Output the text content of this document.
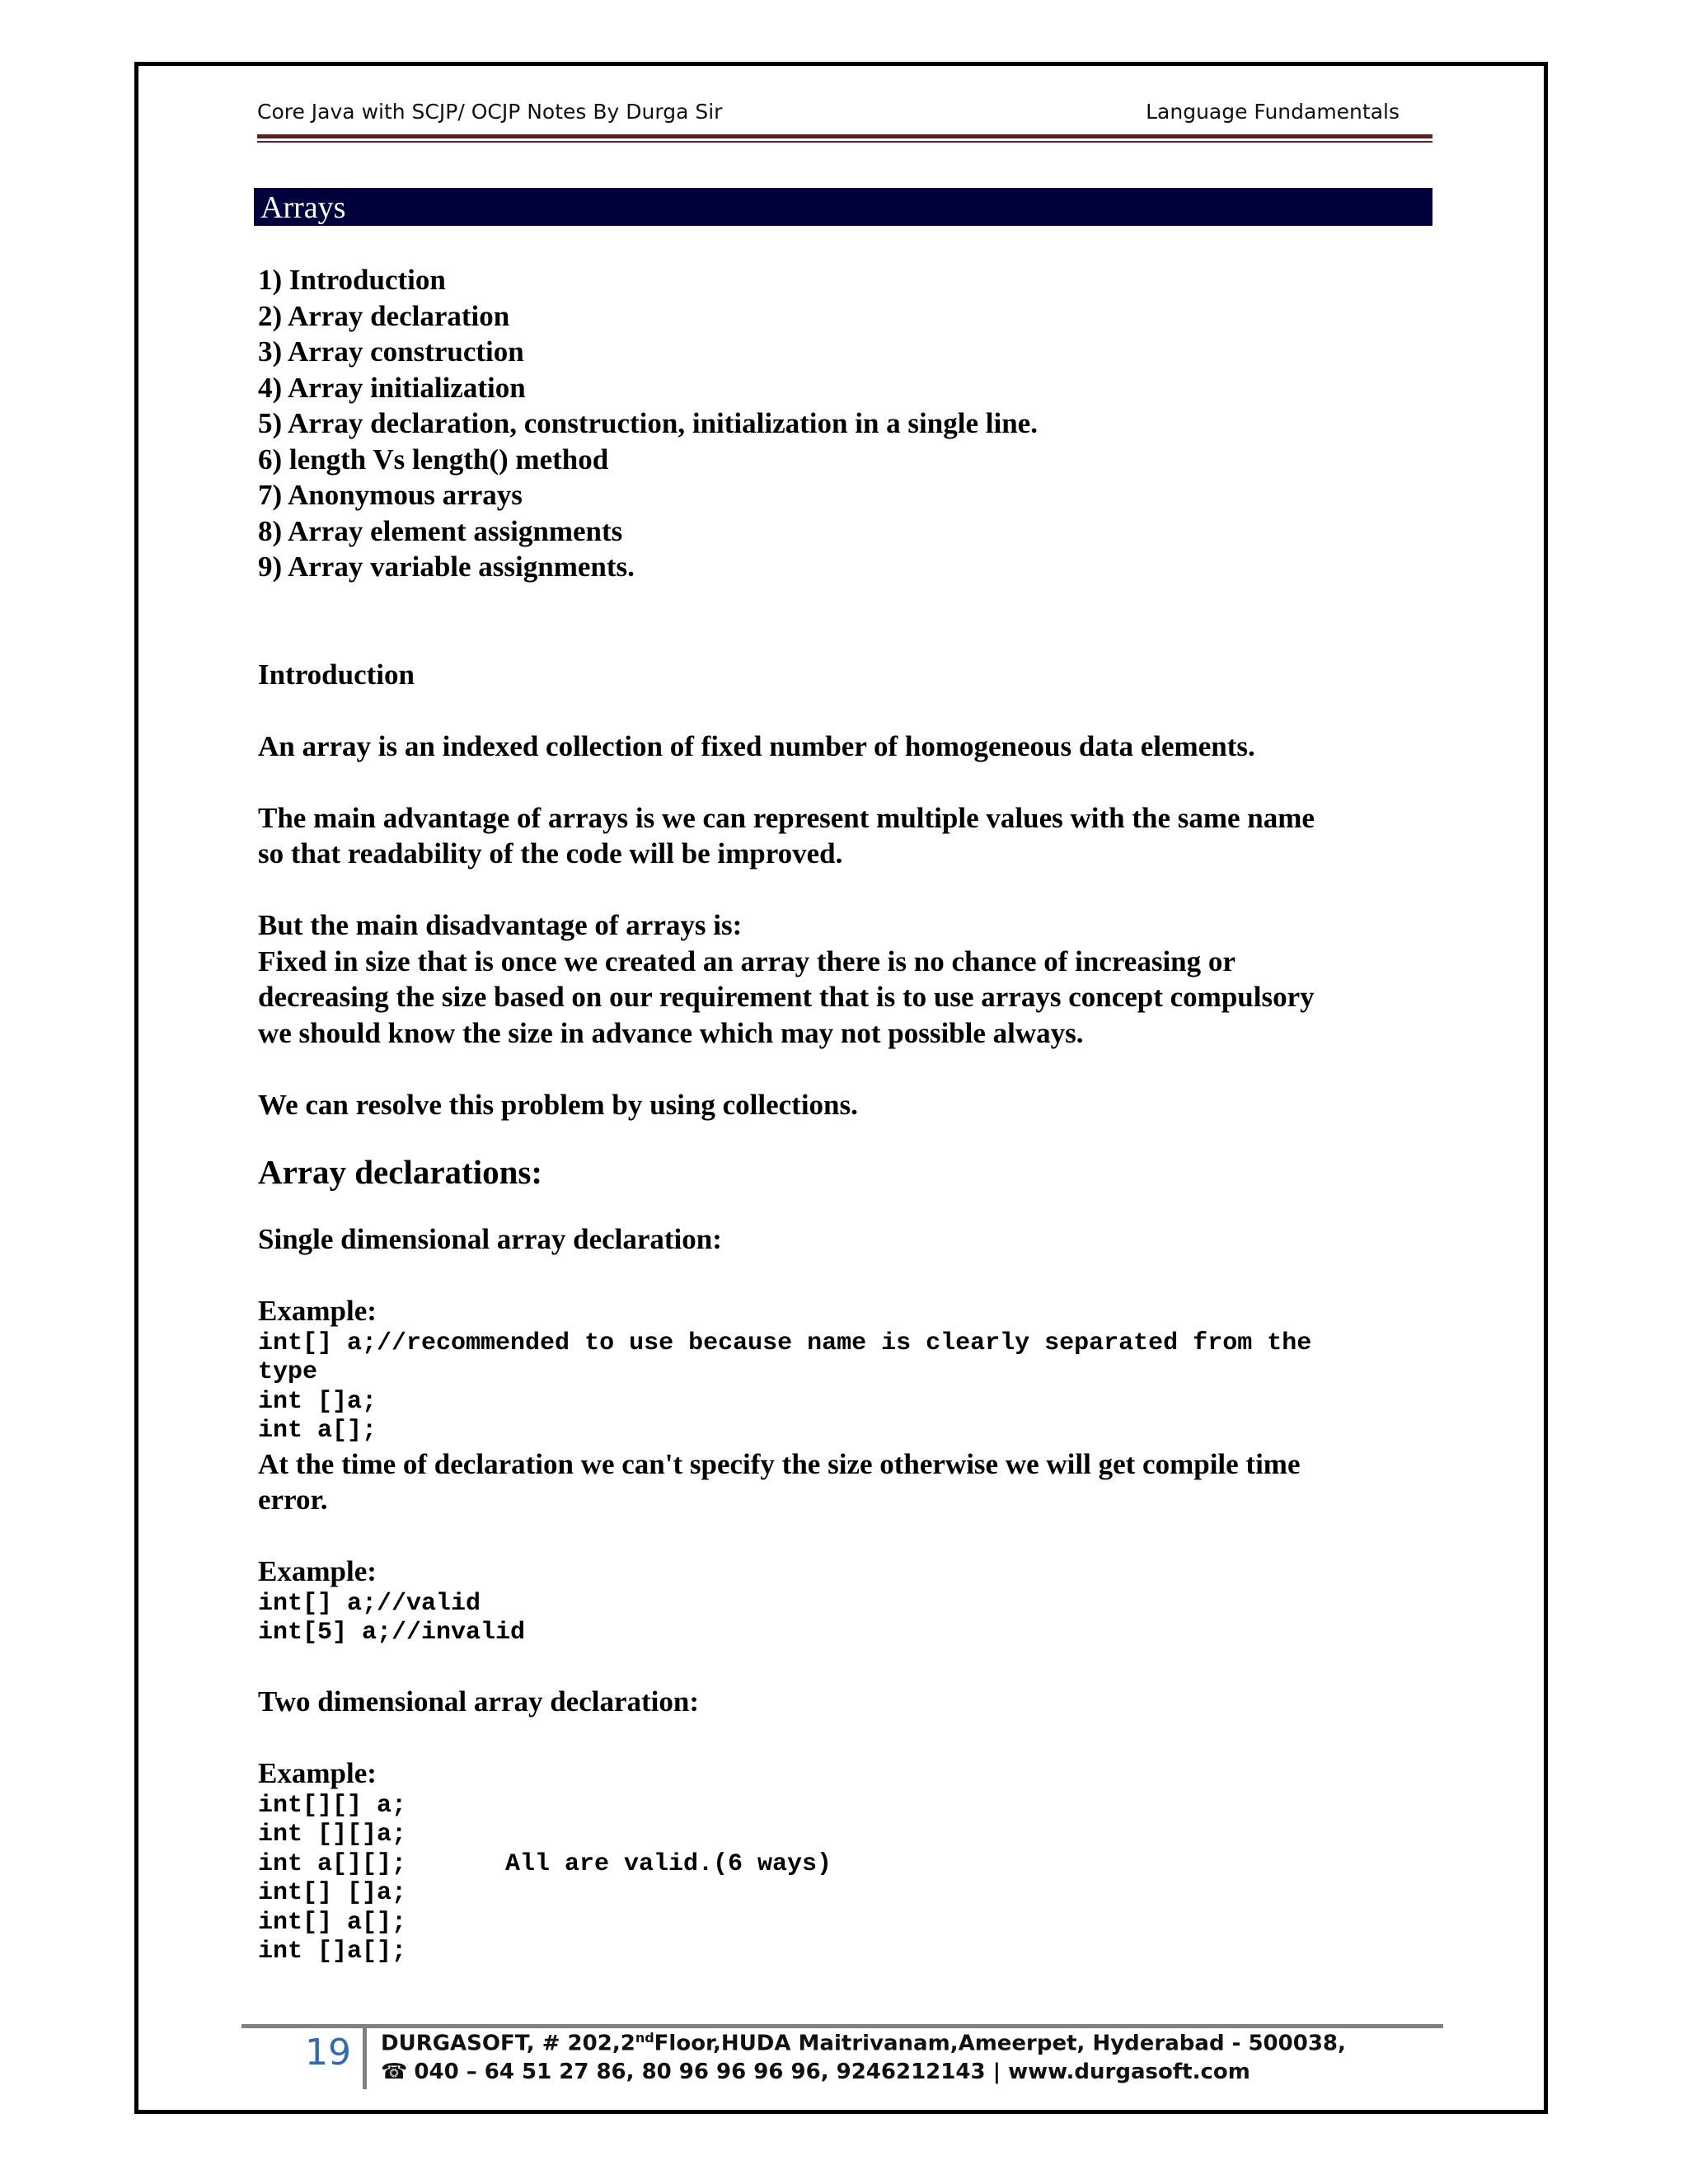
Core Java with SCJP/ OCJP Notes By Durga Sir	Language Fundamentals
Arrays
1) Introduction
2) Array declaration
3) Array construction
4) Array initialization
5) Array declaration, construction, initialization in a single line.
6) length Vs length() method
7) Anonymous arrays
8) Array element assignments
9) Array variable assignments.
Introduction
An array is an indexed collection of fixed number of homogeneous data elements.
The main advantage of arrays is we can represent multiple values with the same name
so that readability of the code will be improved.
But the main disadvantage of arrays is:
Fixed in size that is once we created an array there is no chance of increasing or
decreasing the size based on our requirement that is to use arrays concept compulsory
we should know the size in advance which may not possible always.
We can resolve this problem by using collections.
Array declarations:
Single dimensional array declaration:
Example:
int[] a;//recommended to use because name is clearly separated from the
type
int []a;
int a[];
At the time of declaration we can't specify the size otherwise we will get compile time
error.
Example:
int[] a;//valid
int[5] a;//invalid
Two dimensional array declaration:
Example:
int[][] a;
int [][]a;
int a[][];	All are valid.(6 ways)
int[] []a;
int[] a[];
int []a[];
19 DURGASOFT, # 202,2ndFloor,HUDA Maitrivanam,Ameerpet, Hyderabad - 500038,
☎ 040 – 64 51 27 86, 80 96 96 96 96, 9246212143 | www.durgasoft.com
